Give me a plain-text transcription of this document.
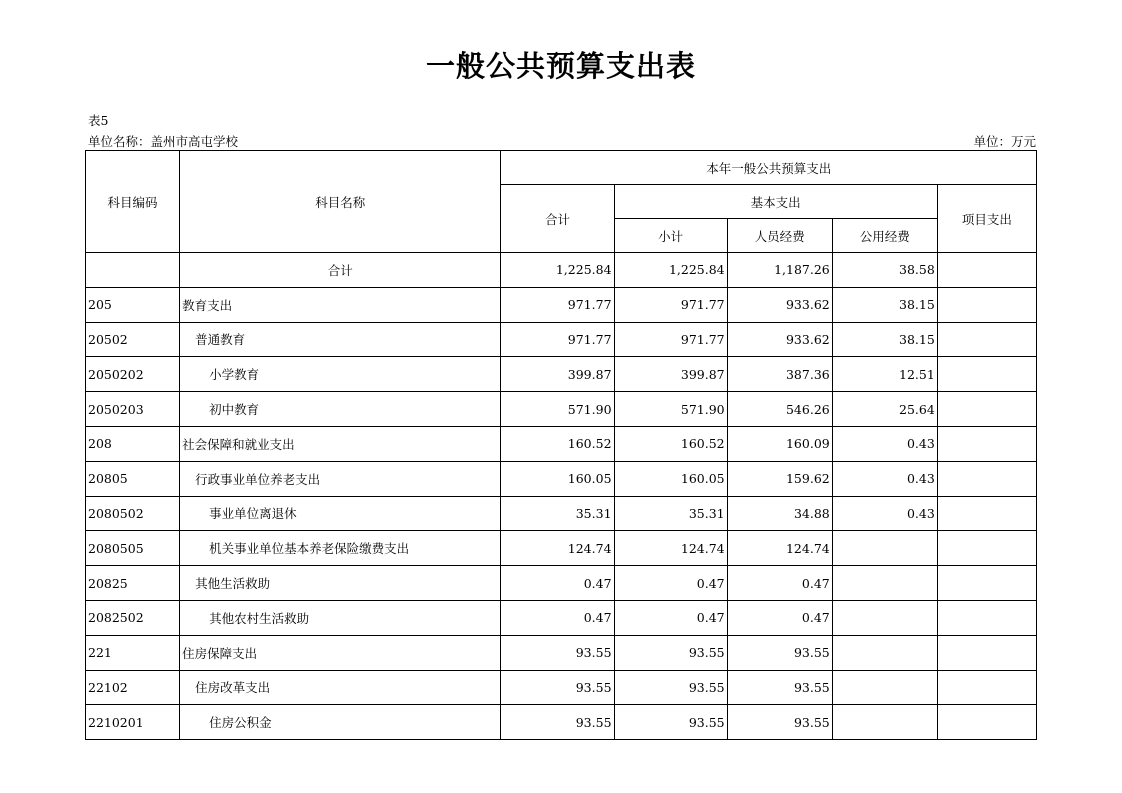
一般公共预算支出表
表5
单位名称：盖州市高屯学校	单位：万元
科目编码	科目名称	本年一般公共预算支出				
		合计	基本支出			项目支出
			小计	人员经费	公用经费	
	合计	1,225.84	1,225.84	1,187.26	38.58	
205	教育支出	971.77	971.77	933.62	38.15	
20502	普通教育	971.77	971.77	933.62	38.15	
2050202	小学教育	399.87	399.87	387.36	12.51	
2050203	初中教育	571.90	571.90	546.26	25.64	
208	社会保障和就业支出	160.52	160.52	160.09	0.43	
20805	行政事业单位养老支出	160.05	160.05	159.62	0.43	
2080502	事业单位离退休	35.31	35.31	34.88	0.43	
2080505	机关事业单位基本养老保险缴费支出	124.74	124.74	124.74		
20825	其他生活救助	0.47	0.47	0.47		
2082502	其他农村生活救助	0.47	0.47	0.47		
221	住房保障支出	93.55	93.55	93.55		
22102	住房改革支出	93.55	93.55	93.55		
2210201	住房公积金	93.55	93.55	93.55		
